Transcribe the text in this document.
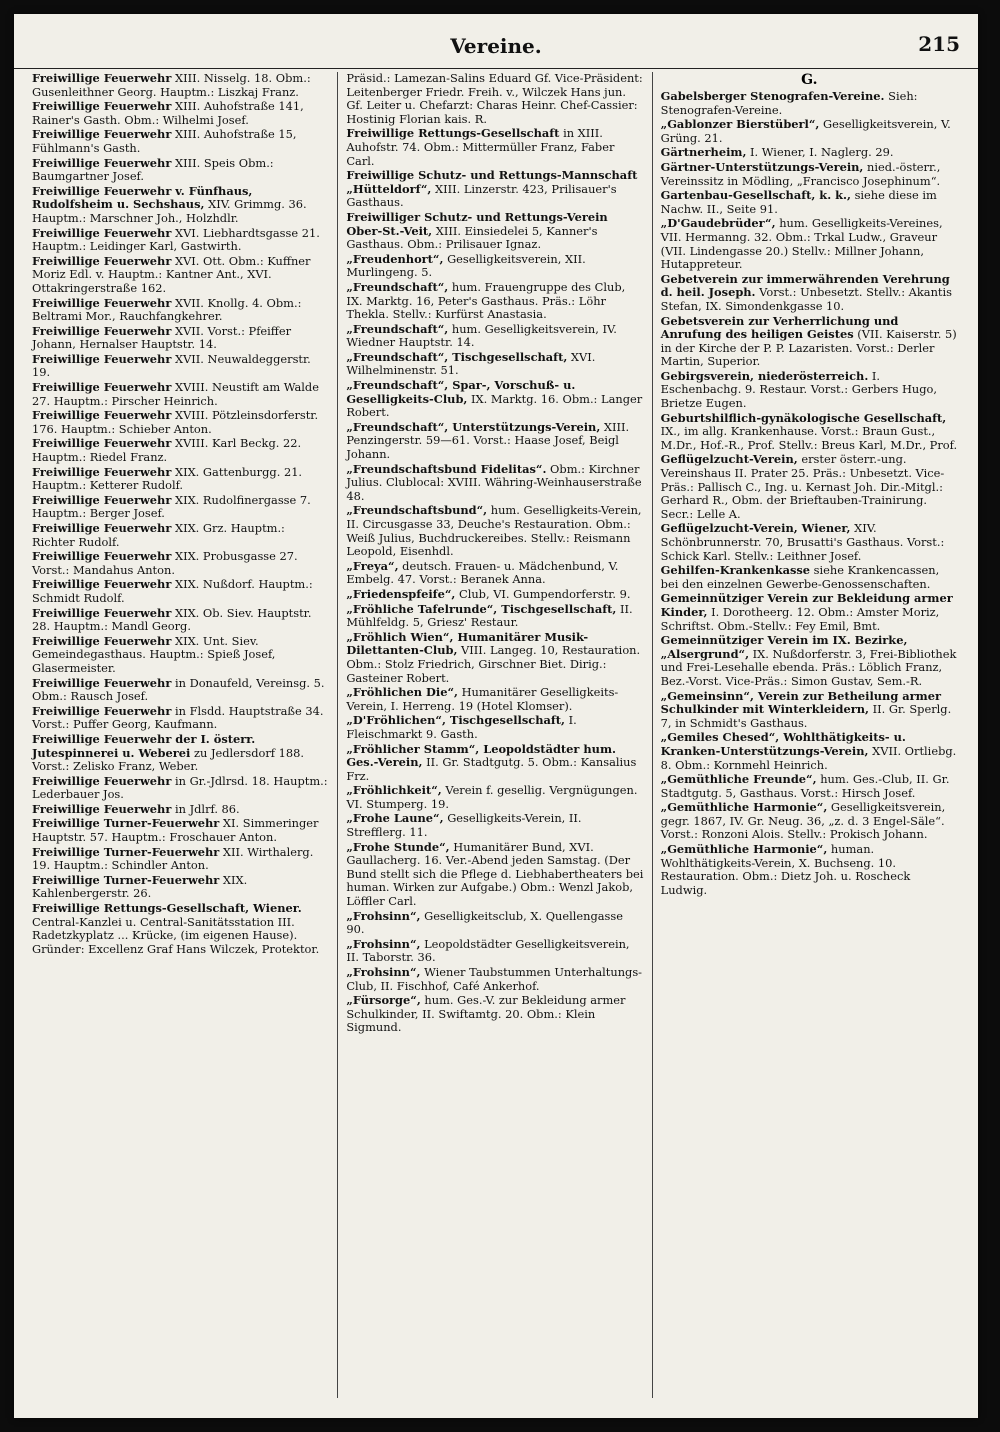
Vereine.	215
Freiwillige Feuerwehr XIII. Nisselg. 18. Obm.: Gusenleithner Georg. Hauptm.: Liszkaj Franz.
Freiwillige Feuerwehr XIII. Auhofstraße 141, Rainer's Gasth. Obm.: Wilhelmi Josef.
Freiwillige Feuerwehr XIII. Auhofstraße 15, Fühlmann's Gasth.
Freiwillige Feuerwehr XIII. Speis Obm.: Baumgartner Josef.
Freiwillige Feuerwehr v. Fünfhaus, Rudolfsheim u. Sechshaus, XIV. Grimmg. 36. Hauptm.: Marschner Joh., Holzhdlr.
Freiwillige Feuerwehr XVI. Liebhardtsgasse 21. Hauptm.: Leidinger Karl, Gastwirth.
Freiwillige Feuerwehr XVI. Ott. Obm.: Kuffner Moriz Edl. v. Hauptm.: Kantner Ant., XVI. Ottakringerstraße 162.
Freiwillige Feuerwehr XVII. Knollg. 4. Obm.: Beltrami Mor., Rauchfangkehrer.
Freiwillige Feuerwehr XVII. Vorst.: Pfeiffer Johann, Hernalser Hauptstr. 14.
Freiwillige Feuerwehr XVII. Neuwaldeggerstr. 19.
Freiwillige Feuerwehr XVIII. Neustift am Walde 27. Hauptm.: Pirscher Heinrich.
Freiwillige Feuerwehr XVIII. Pötzleinsdorferstr. 176. Hauptm.: Schieber Anton.
Freiwillige Feuerwehr XVIII. Karl Beckg. 22. Hauptm.: Riedel Franz.
Freiwillige Feuerwehr XIX. Gattenburgg. 21. Hauptm.: Ketterer Rudolf.
Freiwillige Feuerwehr XIX. Rudolfinergasse 7. Hauptm.: Berger Josef.
Freiwillige Feuerwehr XIX. Grz. Hauptm.: Richter Rudolf.
Freiwillige Feuerwehr XIX. Probusgasse 27. Vorst.: Mandahus Anton.
Freiwillige Feuerwehr XIX. Nußdorf. Hauptm.: Schmidt Rudolf.
Freiwillige Feuerwehr XIX. Ob. Siev. Hauptstr. 28. Hauptm.: Mandl Georg.
Freiwillige Feuerwehr XIX. Unt. Siev. Gemeindegasthaus. Hauptm.: Spieß Josef, Glasermeister.
Freiwillige Feuerwehr in Donaufeld, Vereinsg. 5. Obm.: Rausch Josef.
Freiwillige Feuerwehr in Flsdd. Hauptstraße 34. Vorst.: Puffer Georg, Kaufmann.
Freiwillige Feuerwehr der I. österr. Jutespinnerei u. Weberei zu Jedlersdorf 188. Vorst.: Zelisko Franz, Weber.
Freiwillige Feuerwehr in Gr.-Jdlrsd. 18. Hauptm.: Lederbauer Jos.
Freiwillige Feuerwehr in Jdlrf. 86.
Freiwillige Turner-Feuerwehr XI. Simmeringer Hauptstr. 57. Hauptm.: Froschauer Anton.
Freiwillige Turner-Feuerwehr XII. Wirthalerg. 19. Hauptm.: Schindler Anton.
Freiwillige Turner-Feuerwehr XIX. Kahlenbergerstr. 26.
Freiwillige Rettungs-Gesellschaft, Wiener. Central-Kanzlei u. Central-Sanitätsstation III. Radetzkyplatz ... Krücke, (im eigenen Hause). Gründer: Excellenz Graf Hans Wilczek, Protektor.
Präsid.: Lamezan-Salins Eduard Gf. Vice-Präsident: Leitenberger Friedr. Freih. v., Wilczek Hans jun. Gf. Leiter u. Chefarzt: Charas Heinr. Chef-Cassier: Hostinig Florian kais. R.
Freiwillige Rettungs-Gesellschaft in XIII. Auhofstr. 74. Obm.: Mittermüller Franz, Faber Carl.
Freiwillige Schutz- und Rettungs-Mannschaft „Hütteldorf“, XIII. Linzerstr. 423, Prilisauer's Gasthaus.
Freiwilliger Schutz- und Rettungs-Verein Ober-St.-Veit, XIII. Einsiedelei 5, Kanner's Gasthaus. Obm.: Prilisauer Ignaz.
„Freudenhort“, Geselligkeitsverein, XII. Murlingeng. 5.
„Freundschaft“, hum. Frauengruppe des Club, IX. Marktg. 16, Peter's Gasthaus. Präs.: Löhr Thekla. Stellv.: Kurfürst Anastasia.
„Freundschaft“, hum. Geselligkeitsverein, IV. Wiedner Hauptstr. 14.
„Freundschaft“, Tischgesellschaft, XVI. Wilhelminenstr. 51.
„Freundschaft“, Spar-, Vorschuß- u. Geselligkeits-Club, IX. Marktg. 16. Obm.: Langer Robert.
„Freundschaft“, Unterstützungs-Verein, XIII. Penzingerstr. 59—61. Vorst.: Haase Josef, Beigl Johann.
„Freundschaftsbund Fidelitas“. Obm.: Kirchner Julius. Clublocal: XVIII. Währing-Weinhauserstraße 48.
„Freundschaftsbund“, hum. Geselligkeits-Verein, II. Circusgasse 33, Deuche's Restauration. Obm.: Weiß Julius, Buchdruckereibes. Stellv.: Reismann Leopold, Eisenhdl.
„Freya“, deutsch. Frauen- u. Mädchenbund, V. Embelg. 47. Vorst.: Beranek Anna.
„Friedenspfeife“, Club, VI. Gumpendorferstr. 9.
„Fröhliche Tafelrunde“, Tischgesellschaft, II. Mühlfeldg. 5, Griesz' Restaur.
„Fröhlich Wien“, Humanitärer Musik-Dilettanten-Club, VIII. Langeg. 10, Restauration. Obm.: Stolz Friedrich, Girschner Biet. Dirig.: Gasteiner Robert.
„Fröhlichen Die“, Humanitärer Geselligkeits-Verein, I. Herreng. 19 (Hotel Klomser).
„D'Fröhlichen“, Tischgesellschaft, I. Fleischmarkt 9. Gasth.
„Fröhlicher Stamm“, Leopoldstädter hum. Ges.-Verein, II. Gr. Stadtgutg. 5. Obm.: Kansalius Frz.
„Fröhlichkeit“, Verein f. gesellig. Vergnügungen. VI. Stumperg. 19.
„Frohe Laune“, Geselligkeits-Verein, II. Strefflerg. 11.
„Frohe Stunde“, Humanitärer Bund, XVI. Gaullacherg. 16. Ver.-Abend jeden Samstag. (Der Bund stellt sich die Pflege d. Liebhabertheaters bei human. Wirken zur Aufgabe.) Obm.: Wenzl Jakob, Löffler Carl.
„Frohsinn“, Geselligkeitsclub, X. Quellengasse 90.
„Frohsinn“, Leopoldstädter Geselligkeitsverein, II. Taborstr. 36.
„Frohsinn“, Wiener Taubstummen Unterhaltungs-Club, II. Fischhof, Café Ankerhof.
„Fürsorge“, hum. Ges.-V. zur Bekleidung armer Schulkinder, II. Swiftamtg. 20. Obm.: Klein Sigmund.
G.
Gabelsberger Stenografen-Vereine. Sieh: Stenografen-Vereine.
„Gablonzer Bierstüberl“, Geselligkeitsverein, V. Grüng. 21.
Gärtnerheim, I. Wiener, I. Naglerg. 29.
Gärtner-Unterstützungs-Verein, nied.-österr., Vereinssitz in Mödling, „Francisco Josephinum“.
Gartenbau-Gesellschaft, k. k., siehe diese im Nachw. II., Seite 91.
„D'Gaudebrüder“, hum. Geselligkeits-Vereines, VII. Hermanng. 32. Obm.: Trkal Ludw., Graveur (VII. Lindengasse 20.) Stellv.: Millner Johann, Hutappreteur.
Gebetverein zur immerwährenden Verehrung d. heil. Joseph. Vorst.: Unbesetzt. Stellv.: Akantis Stefan, IX. Simondenkgasse 10.
Gebetsverein zur Verherrlichung und Anrufung des heiligen Geistes (VII. Kaiserstr. 5) in der Kirche der P. P. Lazaristen. Vorst.: Derler Martin, Superior.
Gebirgsverein, niederösterreich. I. Eschenbachg. 9. Restaur. Vorst.: Gerbers Hugo, Brietze Eugen.
Geburtshilflich-gynäkologische Gesellschaft, IX., im allg. Krankenhause. Vorst.: Braun Gust., M.Dr., Hof.-R., Prof. Stellv.: Breus Karl, M.Dr., Prof.
Geflügelzucht-Verein, erster österr.-ung. Vereinshaus II. Prater 25. Präs.: Unbesetzt. Vice-Präs.: Pallisch C., Ing. u. Kernast Joh. Dir.-Mitgl.: Gerhard R., Obm. der Brieftauben-Trainirung. Secr.: Lelle A.
Geflügelzucht-Verein, Wiener, XIV. Schönbrunnerstr. 70, Brusatti's Gasthaus. Vorst.: Schick Karl. Stellv.: Leithner Josef.
Gehilfen-Krankenkasse siehe Krankencassen, bei den einzelnen Gewerbe-Genossenschaften.
Gemeinnütziger Verein zur Bekleidung armer Kinder, I. Dorotheerg. 12. Obm.: Amster Moriz, Schriftst. Obm.-Stellv.: Fey Emil, Bmt.
Gemeinnütziger Verein im IX. Bezirke, „Alsergrund“, IX. Nußdorferstr. 3, Frei-Bibliothek und Frei-Lesehalle ebenda. Präs.: Löblich Franz, Bez.-Vorst. Vice-Präs.: Simon Gustav, Sem.-R.
„Gemeinsinn“, Verein zur Betheilung armer Schulkinder mit Winterkleidern, II. Gr. Sperlg. 7, in Schmidt's Gasthaus.
„Gemiles Chesed“, Wohlthätigkeits- u. Kranken-Unterstützungs-Verein, XVII. Ortliebg. 8. Obm.: Kornmehl Heinrich.
„Gemüthliche Freunde“, hum. Ges.-Club, II. Gr. Stadtgutg. 5, Gasthaus. Vorst.: Hirsch Josef.
„Gemüthliche Harmonie“, Geselligkeitsverein, gegr. 1867, IV. Gr. Neug. 36, „z. d. 3 Engel-Säle“. Vorst.: Ronzoni Alois. Stellv.: Prokisch Johann.
„Gemüthliche Harmonie“, human. Wohlthätigkeits-Verein, X. Buchseng. 10. Restauration. Obm.: Dietz Joh. u. Roscheck Ludwig.
